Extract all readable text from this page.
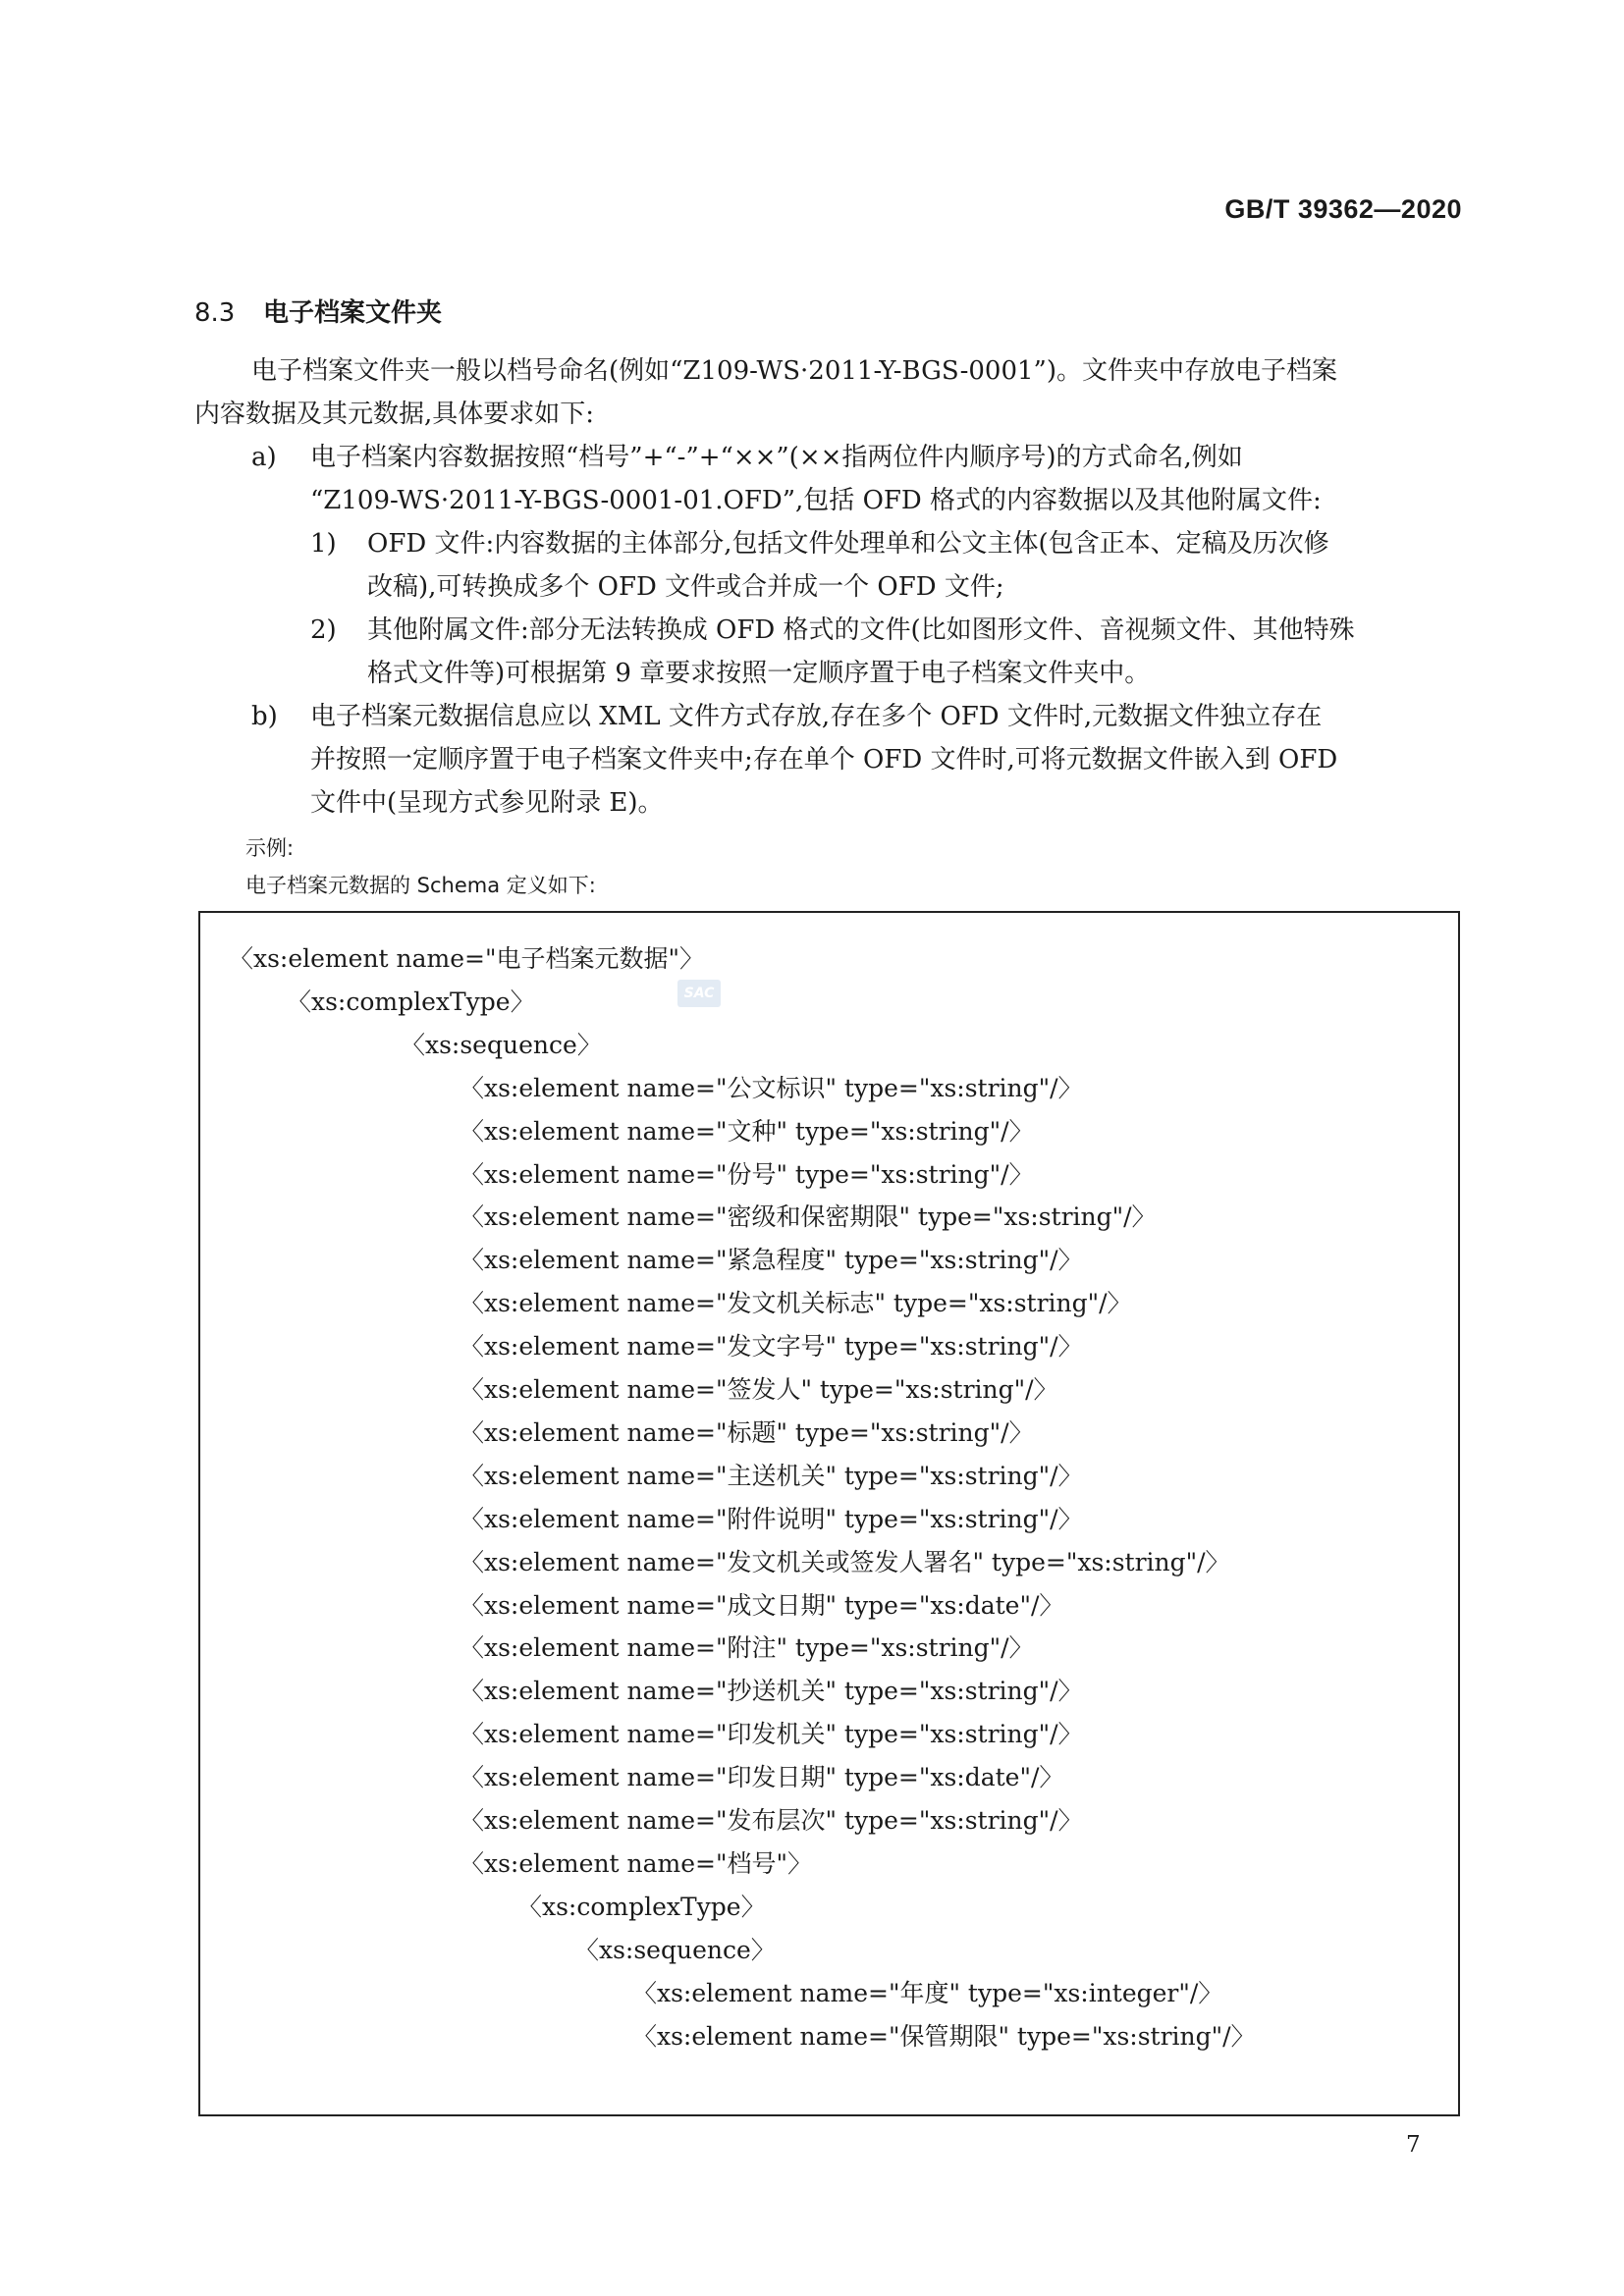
GB/T 39362—2020
8.3 电子档案文件夹
电子档案文件夹一般以档号命名(例如“Z109-WS·2011-Y-BGS-0001”)。文件夹中存放电子档案
内容数据及其元数据,具体要求如下:
a) 电子档案内容数据按照“档号”+“-”+“××”(××指两位件内顺序号)的方式命名,例如
“Z109-WS·2011-Y-BGS-0001-01.OFD”,包括 OFD 格式的内容数据以及其他附属文件:
1) OFD 文件:内容数据的主体部分,包括文件处理单和公文主体(包含正本、定稿及历次修
改稿),可转换成多个 OFD 文件或合并成一个 OFD 文件;
2) 其他附属文件:部分无法转换成 OFD 格式的文件(比如图形文件、音视频文件、其他特殊
格式文件等)可根据第 9 章要求按照一定顺序置于电子档案文件夹中。
b) 电子档案元数据信息应以 XML 文件方式存放,存在多个 OFD 文件时,元数据文件独立存在
并按照一定顺序置于电子档案文件夹中;存在单个 OFD 文件时,可将元数据文件嵌入到 OFD
文件中(呈现方式参见附录 E)。
示例:
电子档案元数据的 Schema 定义如下:
SAC
〈xs:element name="电子档案元数据"〉
〈xs:complexType〉
〈xs:sequence〉
〈xs:element name="公文标识" type="xs:string"/〉
〈xs:element name="文种" type="xs:string"/〉
〈xs:element name="份号" type="xs:string"/〉
〈xs:element name="密级和保密期限" type="xs:string"/〉
〈xs:element name="紧急程度" type="xs:string"/〉
〈xs:element name="发文机关标志" type="xs:string"/〉
〈xs:element name="发文字号" type="xs:string"/〉
〈xs:element name="签发人" type="xs:string"/〉
〈xs:element name="标题" type="xs:string"/〉
〈xs:element name="主送机关" type="xs:string"/〉
〈xs:element name="附件说明" type="xs:string"/〉
〈xs:element name="发文机关或签发人署名" type="xs:string"/〉
〈xs:element name="成文日期" type="xs:date"/〉
〈xs:element name="附注" type="xs:string"/〉
〈xs:element name="抄送机关" type="xs:string"/〉
〈xs:element name="印发机关" type="xs:string"/〉
〈xs:element name="印发日期" type="xs:date"/〉
〈xs:element name="发布层次" type="xs:string"/〉
〈xs:element name="档号"〉
〈xs:complexType〉
〈xs:sequence〉
〈xs:element name="年度" type="xs:integer"/〉
〈xs:element name="保管期限" type="xs:string"/〉
7
